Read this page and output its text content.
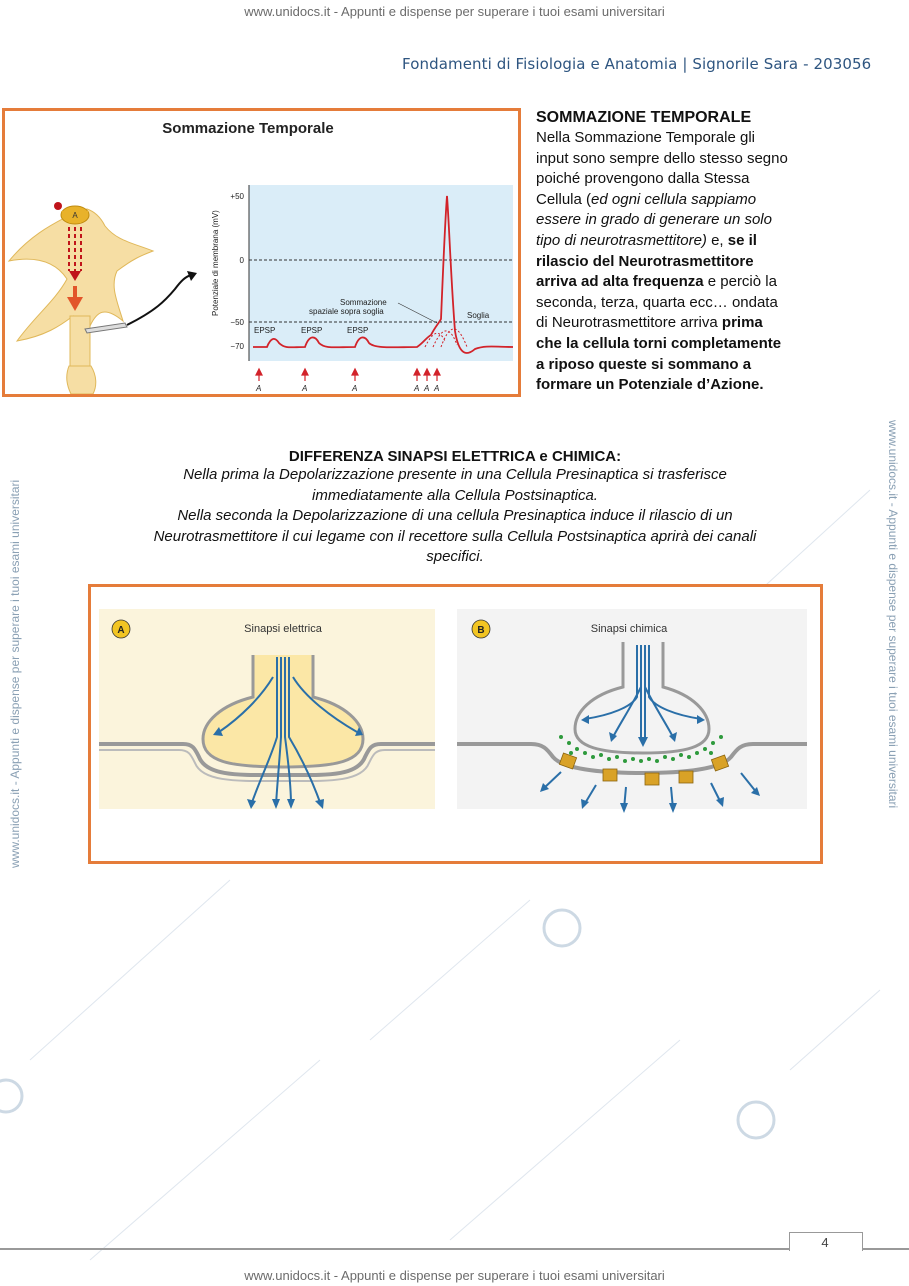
www.unidocs.it - Appunti e dispense per superare i tuoi esami universitari
www.unidocs.it - Appunti e dispense per superare i tuoi esami universitari
www.unidocs.it - Appunti e dispense per superare i tuoi esami universitari	www.unidocs.it - Appunti e dispense per superare i tuoi esami universitari
Fondamenti di Fisiologia e Anatomia | Signorile Sara - 203056
Sommazione Temporale
A	Potenziale di membrana (mV)
+50
0
−50
−70
EPSP	EPSP	EPSP
Sommazione
spaziale sopra soglia	Soglia
A	A	A	A A A
SOMMAZIONE TEMPORALE
Nella Sommazione Temporale gli
input sono sempre dello stesso segno
poiché provengono dalla Stessa
Cellula (ed ogni cellula sappiamo
essere in grado di generare un solo
tipo di neurotrasmettitore) e, se il
rilascio del Neurotrasmettitore
arriva ad alta frequenza e perciò la
seconda, terza, quarta ecc… ondata
di Neurotrasmettitore arriva prima
che la cellula torni completamente
a riposo queste si sommano a
formare un Potenziale d’Azione.
DIFFERENZA SINAPSI ELETTRICA e CHIMICA:
Nella prima la Depolarizzazione presente in una Cellula Presinaptica si trasferisce
immediatamente alla Cellula Postsinaptica.
Nella seconda la Depolarizzazione di una cellula Presinaptica induce il rilascio di un
Neurotrasmettitore il cui legame con il recettore sulla Cellula Postsinaptica aprirà dei canali
specifici.
A	Sinapsi elettrica	B	Sinapsi chimica
4
